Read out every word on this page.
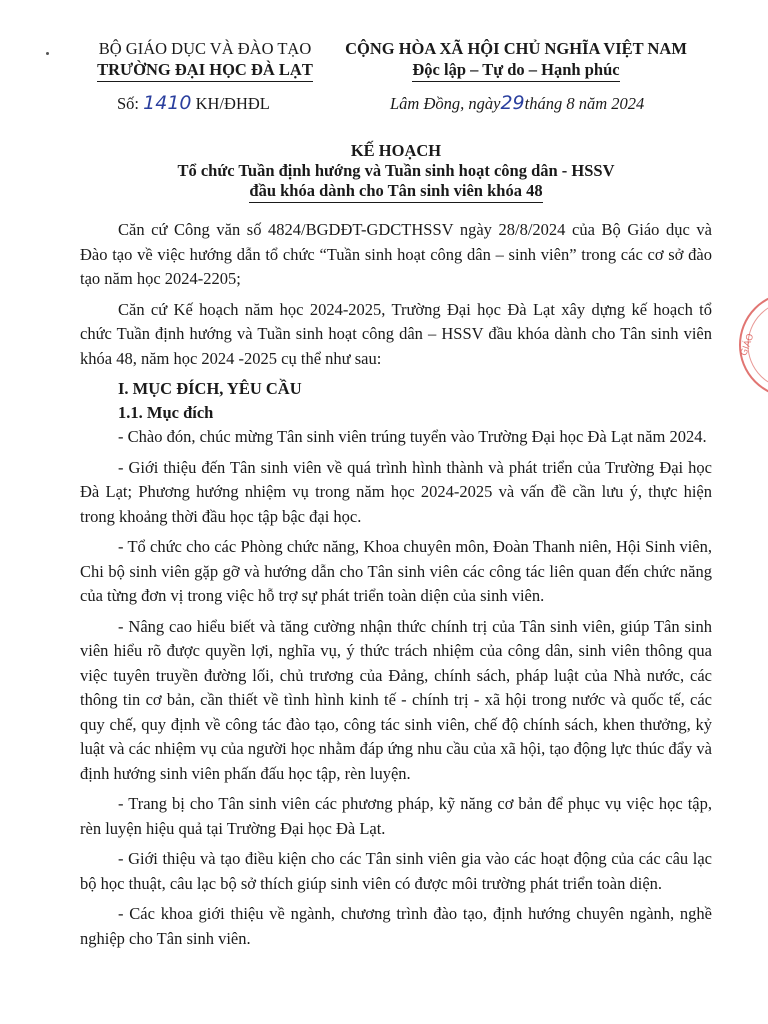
BỘ GIÁO DỤC VÀ ĐÀO TẠO
TRƯỜNG ĐẠI HỌC ĐÀ LẠT
CỘNG HÒA XÃ HỘI CHỦ NGHĨA VIỆT NAM
Độc lập – Tự do – Hạnh phúc
Số: 1410 KH/ĐHĐL	Lâm Đồng, ngày29tháng 8 năm 2024
KẾ HOẠCH
Tổ chức Tuần định hướng và Tuần sinh hoạt công dân - HSSV
đầu khóa dành cho Tân sinh viên khóa 48

Căn cứ Công văn số 4824/BGDĐT-GDCTHSSV ngày 28/8/2024 của Bộ Giáo dục và Đào tạo về việc hướng dẫn tổ chức “Tuần sinh hoạt công dân – sinh viên” trong các cơ sở đào tạo năm học 2024-2205;

Căn cứ Kế hoạch năm học 2024-2025, Trường Đại học Đà Lạt xây dựng kế hoạch tổ chức Tuần định hướng và Tuần sinh hoạt công dân – HSSV đầu khóa dành cho Tân sinh viên khóa 48, năm học 2024 -2025 cụ thể như sau:

I. MỤC ĐÍCH, YÊU CẦU
1.1. Mục đích

- Chào đón, chúc mừng Tân sinh viên trúng tuyển vào Trường Đại học Đà Lạt năm 2024.

- Giới thiệu đến Tân sinh viên về quá trình hình thành và phát triển của Trường Đại học Đà Lạt; Phương hướng nhiệm vụ trong năm học 2024-2025 và vấn đề cần lưu ý, thực hiện trong khoảng thời đầu học tập bậc đại học.

- Tổ chức cho các Phòng chức năng, Khoa chuyên môn, Đoàn Thanh niên, Hội Sinh viên, Chi bộ sinh viên gặp gỡ và hướng dẫn cho Tân sinh viên các công tác liên quan đến chức năng của từng đơn vị trong việc hỗ trợ sự phát triển toàn diện của sinh viên.

- Nâng cao hiểu biết và tăng cường nhận thức chính trị của Tân sinh viên, giúp Tân sinh viên hiểu rõ được quyền lợi, nghĩa vụ, ý thức trách nhiệm của công dân, sinh viên thông qua việc tuyên truyền đường lối, chủ trương của Đảng, chính sách, pháp luật của Nhà nước, các thông tin cơ bản, cần thiết về tình hình kinh tế - chính trị - xã hội trong nước và quốc tế, các quy chế, quy định về công tác đào tạo, công tác sinh viên, chế độ chính sách, khen thưởng, kỷ luật và các nhiệm vụ của người học nhằm đáp ứng nhu cầu của xã hội, tạo động lực thúc đẩy và định hướng sinh viên phấn đấu học tập, rèn luyện.

- Trang bị cho Tân sinh viên các phương pháp, kỹ năng cơ bản để phục vụ việc học tập, rèn luyện hiệu quả tại Trường Đại học Đà Lạt.

- Giới thiệu và tạo điều kiện cho các Tân sinh viên gia vào các hoạt động của các câu lạc bộ học thuật, câu lạc bộ sở thích giúp sinh viên có được môi trường phát triển toàn diện.

- Các khoa giới thiệu về ngành, chương trình đào tạo, định hướng chuyên ngành, nghề nghiệp cho Tân sinh viên.

GIÁO
